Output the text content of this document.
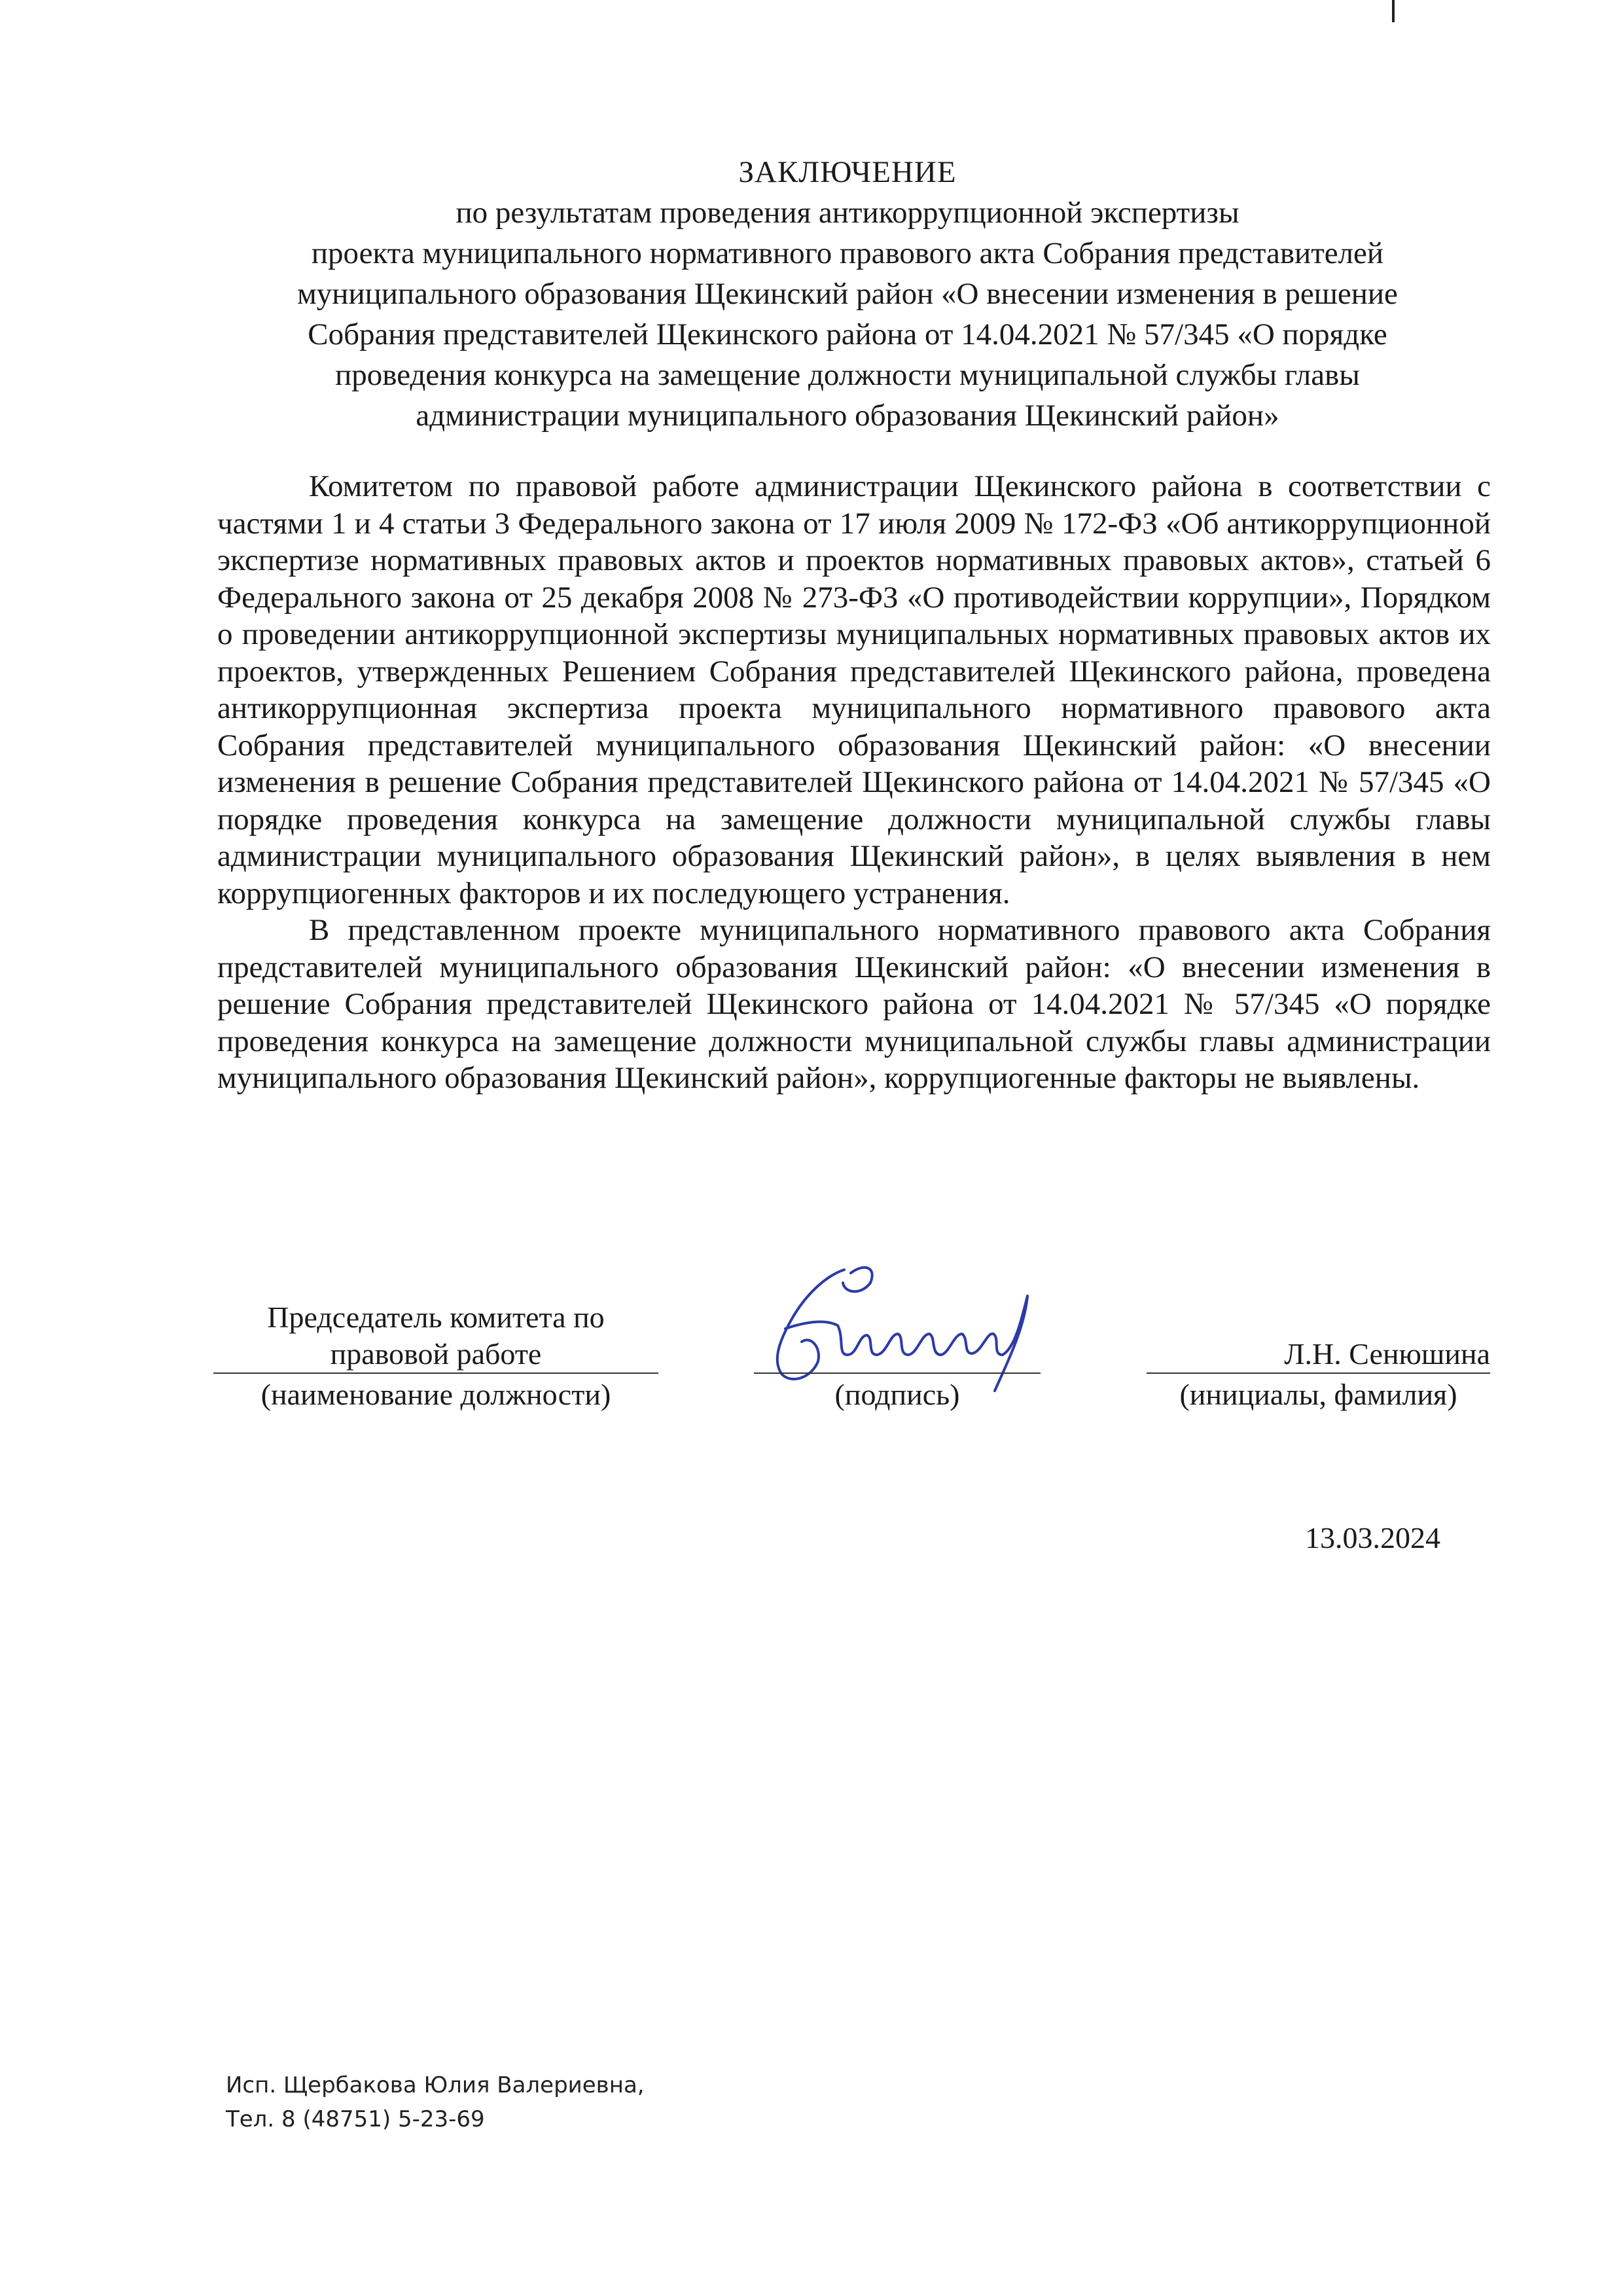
ЗАКЛЮЧЕНИЕ
по результатам проведения антикоррупционной экспертизы
проекта муниципального нормативного правового акта Собрания представителей
муниципального образования Щекинский район «О внесении изменения в решение
Собрания представителей Щекинского района от 14.04.2021 № 57/345 «О порядке
проведения конкурса на замещение должности муниципальной службы главы
администрации муниципального образования Щекинский район»

Комитетом по правовой работе администрации Щекинского района в соответствии с частями 1 и 4 статьи 3 Федерального закона от 17 июля 2009 № 172-ФЗ «Об антикоррупционной экспертизе нормативных правовых актов и проектов нормативных правовых актов», статьей 6 Федерального закона от 25 декабря 2008 № 273-ФЗ «О противодействии коррупции», Порядком о проведении антикоррупционной экспертизы муниципальных нормативных правовых актов их проектов, утвержденных Решением Собрания представителей Щекинского района, проведена антикоррупционная экспертиза проекта муниципального нормативного правового акта Собрания представителей муниципального образования Щекинский район: «О внесении изменения в решение Собрания представителей Щекинского района от 14.04.2021 № 57/345 «О порядке проведения конкурса на замещение должности муниципальной службы главы администрации муниципального образования Щекинский район», в целях выявления в нем коррупциогенных факторов и их последующего устранения.

В представленном проекте муниципального нормативного правового акта Собрания представителей муниципального образования Щекинский район: «О внесении изменения в решение Собрания представителей Щекинского района от 14.04.2021 № 57/345 «О порядке проведения конкурса на замещение должности муниципальной службы главы администрации муниципального образования Щекинский район», коррупциогенные факторы не выявлены.

Председатель комитета по
правовой работе
(наименование должности)	(подпись)
Л.Н. Сенюшина
(инициалы, фамилия)
13.03.2024
Исп. Щербакова Юлия Валериевна,
Тел. 8 (48751) 5-23-69
